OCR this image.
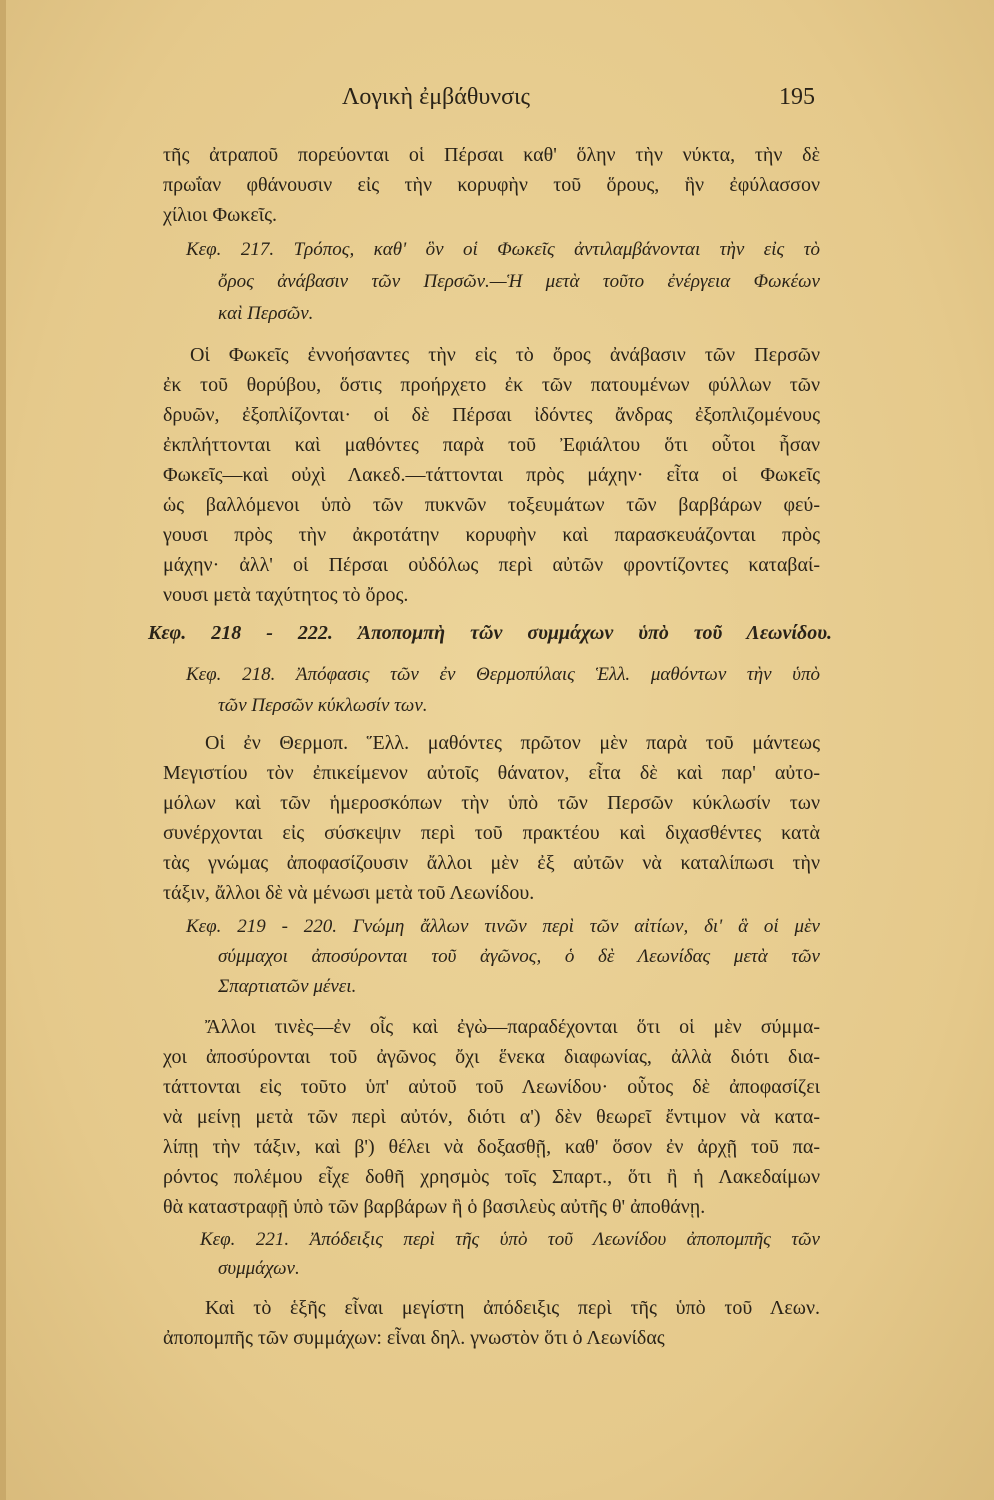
Λογικὴ ἐμβάθυνσις	195
τῆς ἀτραποῦ πορεύονται οἱ Πέρσαι καθ' ὅλην τὴν νύκτα, τὴν δὲ
πρωΐαν φθάνουσιν εἰς τὴν κορυφὴν τοῦ ὅρους, ἣν ἐφύλασσον
χίλιοι Φωκεῖς.
Κεφ. 217. Τρόπος, καθ' ὃν οἱ Φωκεῖς ἀντιλαμβάνονται τὴν εἰς τὸ
ὄρος ἀνάβασιν τῶν Περσῶν.—Ἡ μετὰ τοῦτο ἐνέργεια Φωκέων
καὶ Περσῶν.
Οἱ Φωκεῖς ἐννοήσαντες τὴν εἰς τὸ ὄρος ἀνάβασιν τῶν Περσῶν
ἐκ τοῦ θορύβου, ὅστις προήρχετο ἐκ τῶν πατουμένων φύλλων τῶν
δρυῶν, ἐξοπλίζονται· οἱ δὲ Πέρσαι ἰδόντες ἄνδρας ἐξοπλιζομένους
ἐκπλήττονται καὶ μαθόντες παρὰ τοῦ Ἐφιάλτου ὅτι οὗτοι ἦσαν
Φωκεῖς—καὶ οὐχὶ Λακεδ.—τάττονται πρὸς μάχην· εἶτα οἱ Φωκεῖς
ὡς βαλλόμενοι ὑπὸ τῶν πυκνῶν τοξευμάτων τῶν βαρβάρων φεύ-
γουσι πρὸς τὴν ἀκροτάτην κορυφὴν καὶ παρασκευάζονται πρὸς
μάχην· ἀλλ' οἱ Πέρσαι οὐδόλως περὶ αὐτῶν φροντίζοντες καταβαί-
νουσι μετὰ ταχύτητος τὸ ὄρος.
Κεφ. 218 - 222. Ἀποπομπὴ τῶν συμμάχων ὑπὸ τοῦ Λεωνίδου.
Κεφ. 218. Ἀπόφασις τῶν ἐν Θερμοπύλαις Ἑλλ. μαθόντων τὴν ὑπὸ
τῶν Περσῶν κύκλωσίν των.
Οἱ ἐν Θερμοπ. Ἕλλ. μαθόντες πρῶτον μὲν παρὰ τοῦ μάντεως
Μεγιστίου τὸν ἐπικείμενον αὐτοῖς θάνατον, εἶτα δὲ καὶ παρ' αὐτο-
μόλων καὶ τῶν ἡμεροσκόπων τὴν ὑπὸ τῶν Περσῶν κύκλωσίν των
συνέρχονται εἰς σύσκεψιν περὶ τοῦ πρακτέου καὶ διχασθέντες κατὰ
τὰς γνώμας ἀποφασίζουσιν ἄλλοι μὲν ἐξ αὐτῶν νὰ καταλίπωσι τὴν
τάξιν, ἄλλοι δὲ νὰ μένωσι μετὰ τοῦ Λεωνίδου.
Κεφ. 219 - 220. Γνώμη ἄλλων τινῶν περὶ τῶν αἰτίων, δι' ἃ οἱ μὲν
σύμμαχοι ἀποσύρονται τοῦ ἀγῶνος, ὁ δὲ Λεωνίδας μετὰ τῶν
Σπαρτιατῶν μένει.
Ἄλλοι τινὲς—ἐν οἷς καὶ ἐγὼ—παραδέχονται ὅτι οἱ μὲν σύμμα-
χοι ἀποσύρονται τοῦ ἀγῶνος ὄχι ἕνεκα διαφωνίας, ἀλλὰ διότι δια-
τάττονται εἰς τοῦτο ὑπ' αὐτοῦ τοῦ Λεωνίδου· οὗτος δὲ ἀποφασίζει
νὰ μείνῃ μετὰ τῶν περὶ αὐτόν, διότι α') δὲν θεωρεῖ ἔντιμον νὰ κατα-
λίπῃ τὴν τάξιν, καὶ β') θέλει νὰ δοξασθῇ, καθ' ὅσον ἐν ἀρχῇ τοῦ πα-
ρόντος πολέμου εἶχε δοθῆ χρησμὸς τοῖς Σπαρτ., ὅτι ἢ ἡ Λακεδαίμων
θὰ καταστραφῇ ὑπὸ τῶν βαρβάρων ἢ ὁ βασιλεὺς αὐτῆς θ' ἀποθάνῃ.
Κεφ. 221. Ἀπόδειξις περὶ τῆς ὑπὸ τοῦ Λεωνίδου ἀποπομπῆς τῶν
συμμάχων.
Καὶ τὸ ἑξῆς εἶναι μεγίστη ἀπόδειξις περὶ τῆς ὑπὸ τοῦ Λεων.
ἀποπομπῆς τῶν συμμάχων: εἶναι δηλ. γνωστὸν ὅτι ὁ Λεωνίδας
